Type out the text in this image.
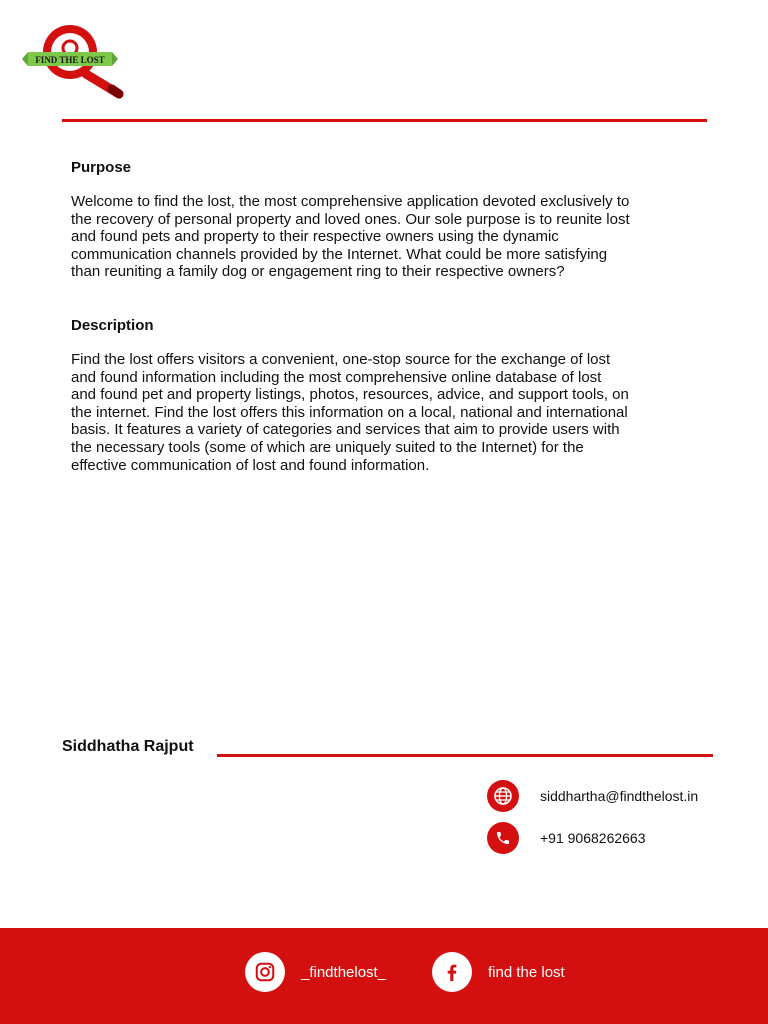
FIND THE LOST
SINCE 2020
Purpose
Welcome to find the lost, the most comprehensive application devoted exclusively to
the recovery of personal property and loved ones. Our sole purpose is to reunite lost
and found pets and property to their respective owners using the dynamic
communication channels provided by the Internet. What could be more satisfying
than reuniting a family dog or engagement ring to their respective owners?
Description
Find the lost offers visitors a convenient, one-stop source for the exchange of lost
and found information including the most comprehensive online database of lost
and found pet and property listings, photos, resources, advice, and support tools, on
the internet. Find the lost offers this information on a local, national and international
basis. It features a variety of categories and services that aim to provide users with
the necessary tools (some of which are uniquely suited to the Internet) for the
effective communication of lost and found information.
Siddhatha Rajput
siddhartha@findthelost.in
+91 9068262663
_findthelost_	find the lost
